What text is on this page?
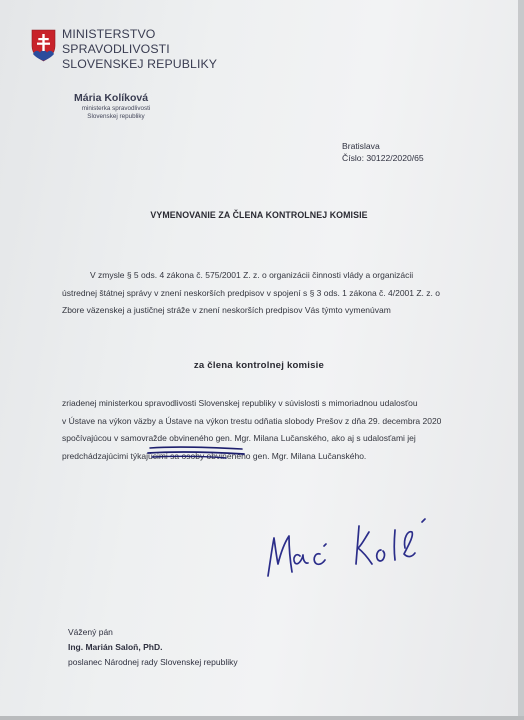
MINISTERSTVO
SPRAVODLIVOSTI
SLOVENSKEJ REPUBLIKY
Mária Kolíková
ministerka spravodlivosti
Slovenskej republiky
Bratislava
Číslo: 30122/2020/65
VYMENOVANIE ZA ČLENA KONTROLNEJ KOMISIE
V zmysle § 5 ods. 4 zákona č. 575/2001 Z. z. o organizácii činnosti vlády a organizácii
ústrednej štátnej správy v znení neskorších predpisov v spojení s § 3 ods. 1 zákona č. 4/2001 Z. z. o
Zbore väzenskej a justičnej stráže v znení neskorších predpisov Vás týmto vymenúvam
za člena kontrolnej komisie
zriadenej ministerkou spravodlivosti Slovenskej republiky v súvislosti s mimoriadnou udalosťou
v Ústave na výkon väzby a Ústave na výkon trestu odňatia slobody Prešov z dňa 29. decembra 2020
spočívajúcou v samovražde obvineného gen. Mgr. Milana Lučanského, ako aj s udalosťami jej
predchádzajúcimi týkajúcimi sa osoby obvineného gen. Mgr. Milana Lučanského.
Vážený pán
Ing. Marián Saloň, PhD.
poslanec Národnej rady Slovenskej republiky
